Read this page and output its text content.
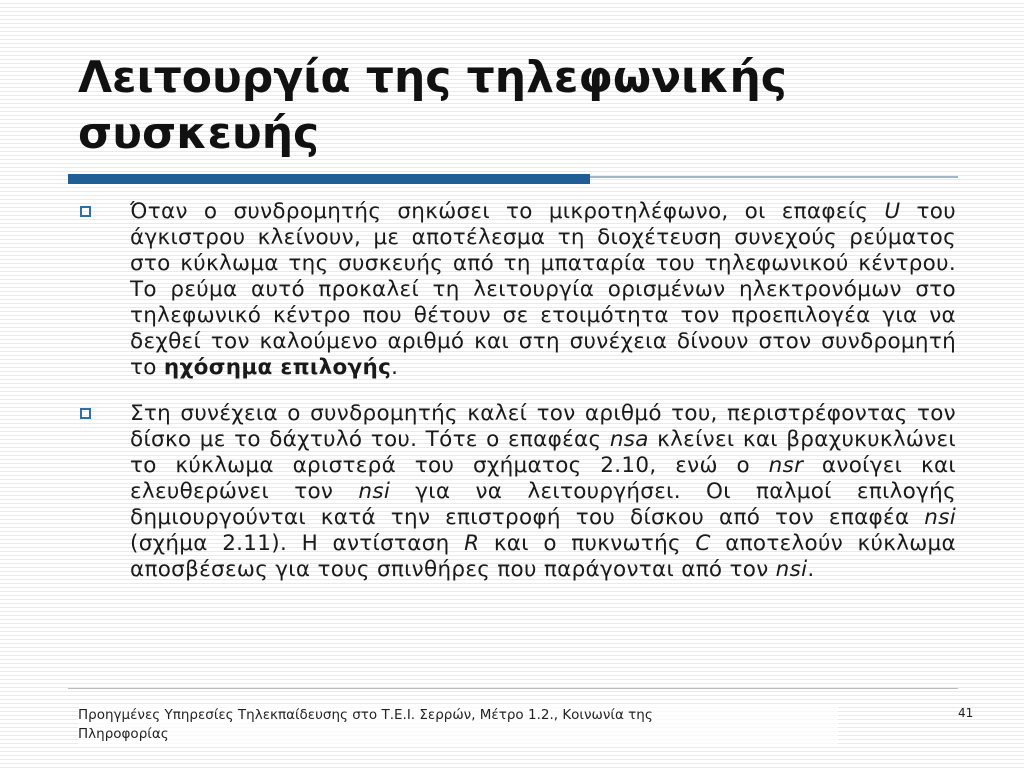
Λειτουργία της τηλεφωνικής
συσκευής
Όταν ο συνδρομητής σηκώσει το μικροτηλέφωνο, οι επαφείς U του άγκιστρου κλείνουν, με αποτέλεσμα τη διοχέτευση συνεχούς ρεύματος στο κύκλωμα της συσκευής από τη μπαταρία του τηλεφωνικού κέντρου. Το ρεύμα αυτό προκαλεί τη λειτουργία ορισμένων ηλεκτρονόμων στο τηλεφωνικό κέντρο που θέτουν σε ετοιμότητα τον προεπιλογέα για να δεχθεί τον καλούμενο αριθμό και στη συνέχεια δίνουν στον συνδρομητή το ηχόσημα επιλογής.
Στη συνέχεια ο συνδρομητής καλεί τον αριθμό του, περιστρέφοντας τον δίσκο με το δάχτυλό του. Τότε ο επαφέας nsa κλείνει και βραχυκυκλώνει το κύκλωμα αριστερά του σχήματος 2.10, ενώ ο nsr ανοίγει και ελευθερώνει τον nsi για να λειτουργήσει. Οι παλμοί επιλογής δημιουργούνται κατά την επιστροφή του δίσκου από τον επαφέα nsi (σχήμα 2.11). Η αντίσταση R και ο πυκνωτής C αποτελούν κύκλωμα αποσβέσεως για τους σπινθήρες που παράγονται από τον nsi.
Προηγμένες Υπηρεσίες Τηλεκπαίδευσης στο Τ.Ε.Ι. Σερρών, Μέτρο 1.2., Κοινωνία της
Πληροφορίας
41
